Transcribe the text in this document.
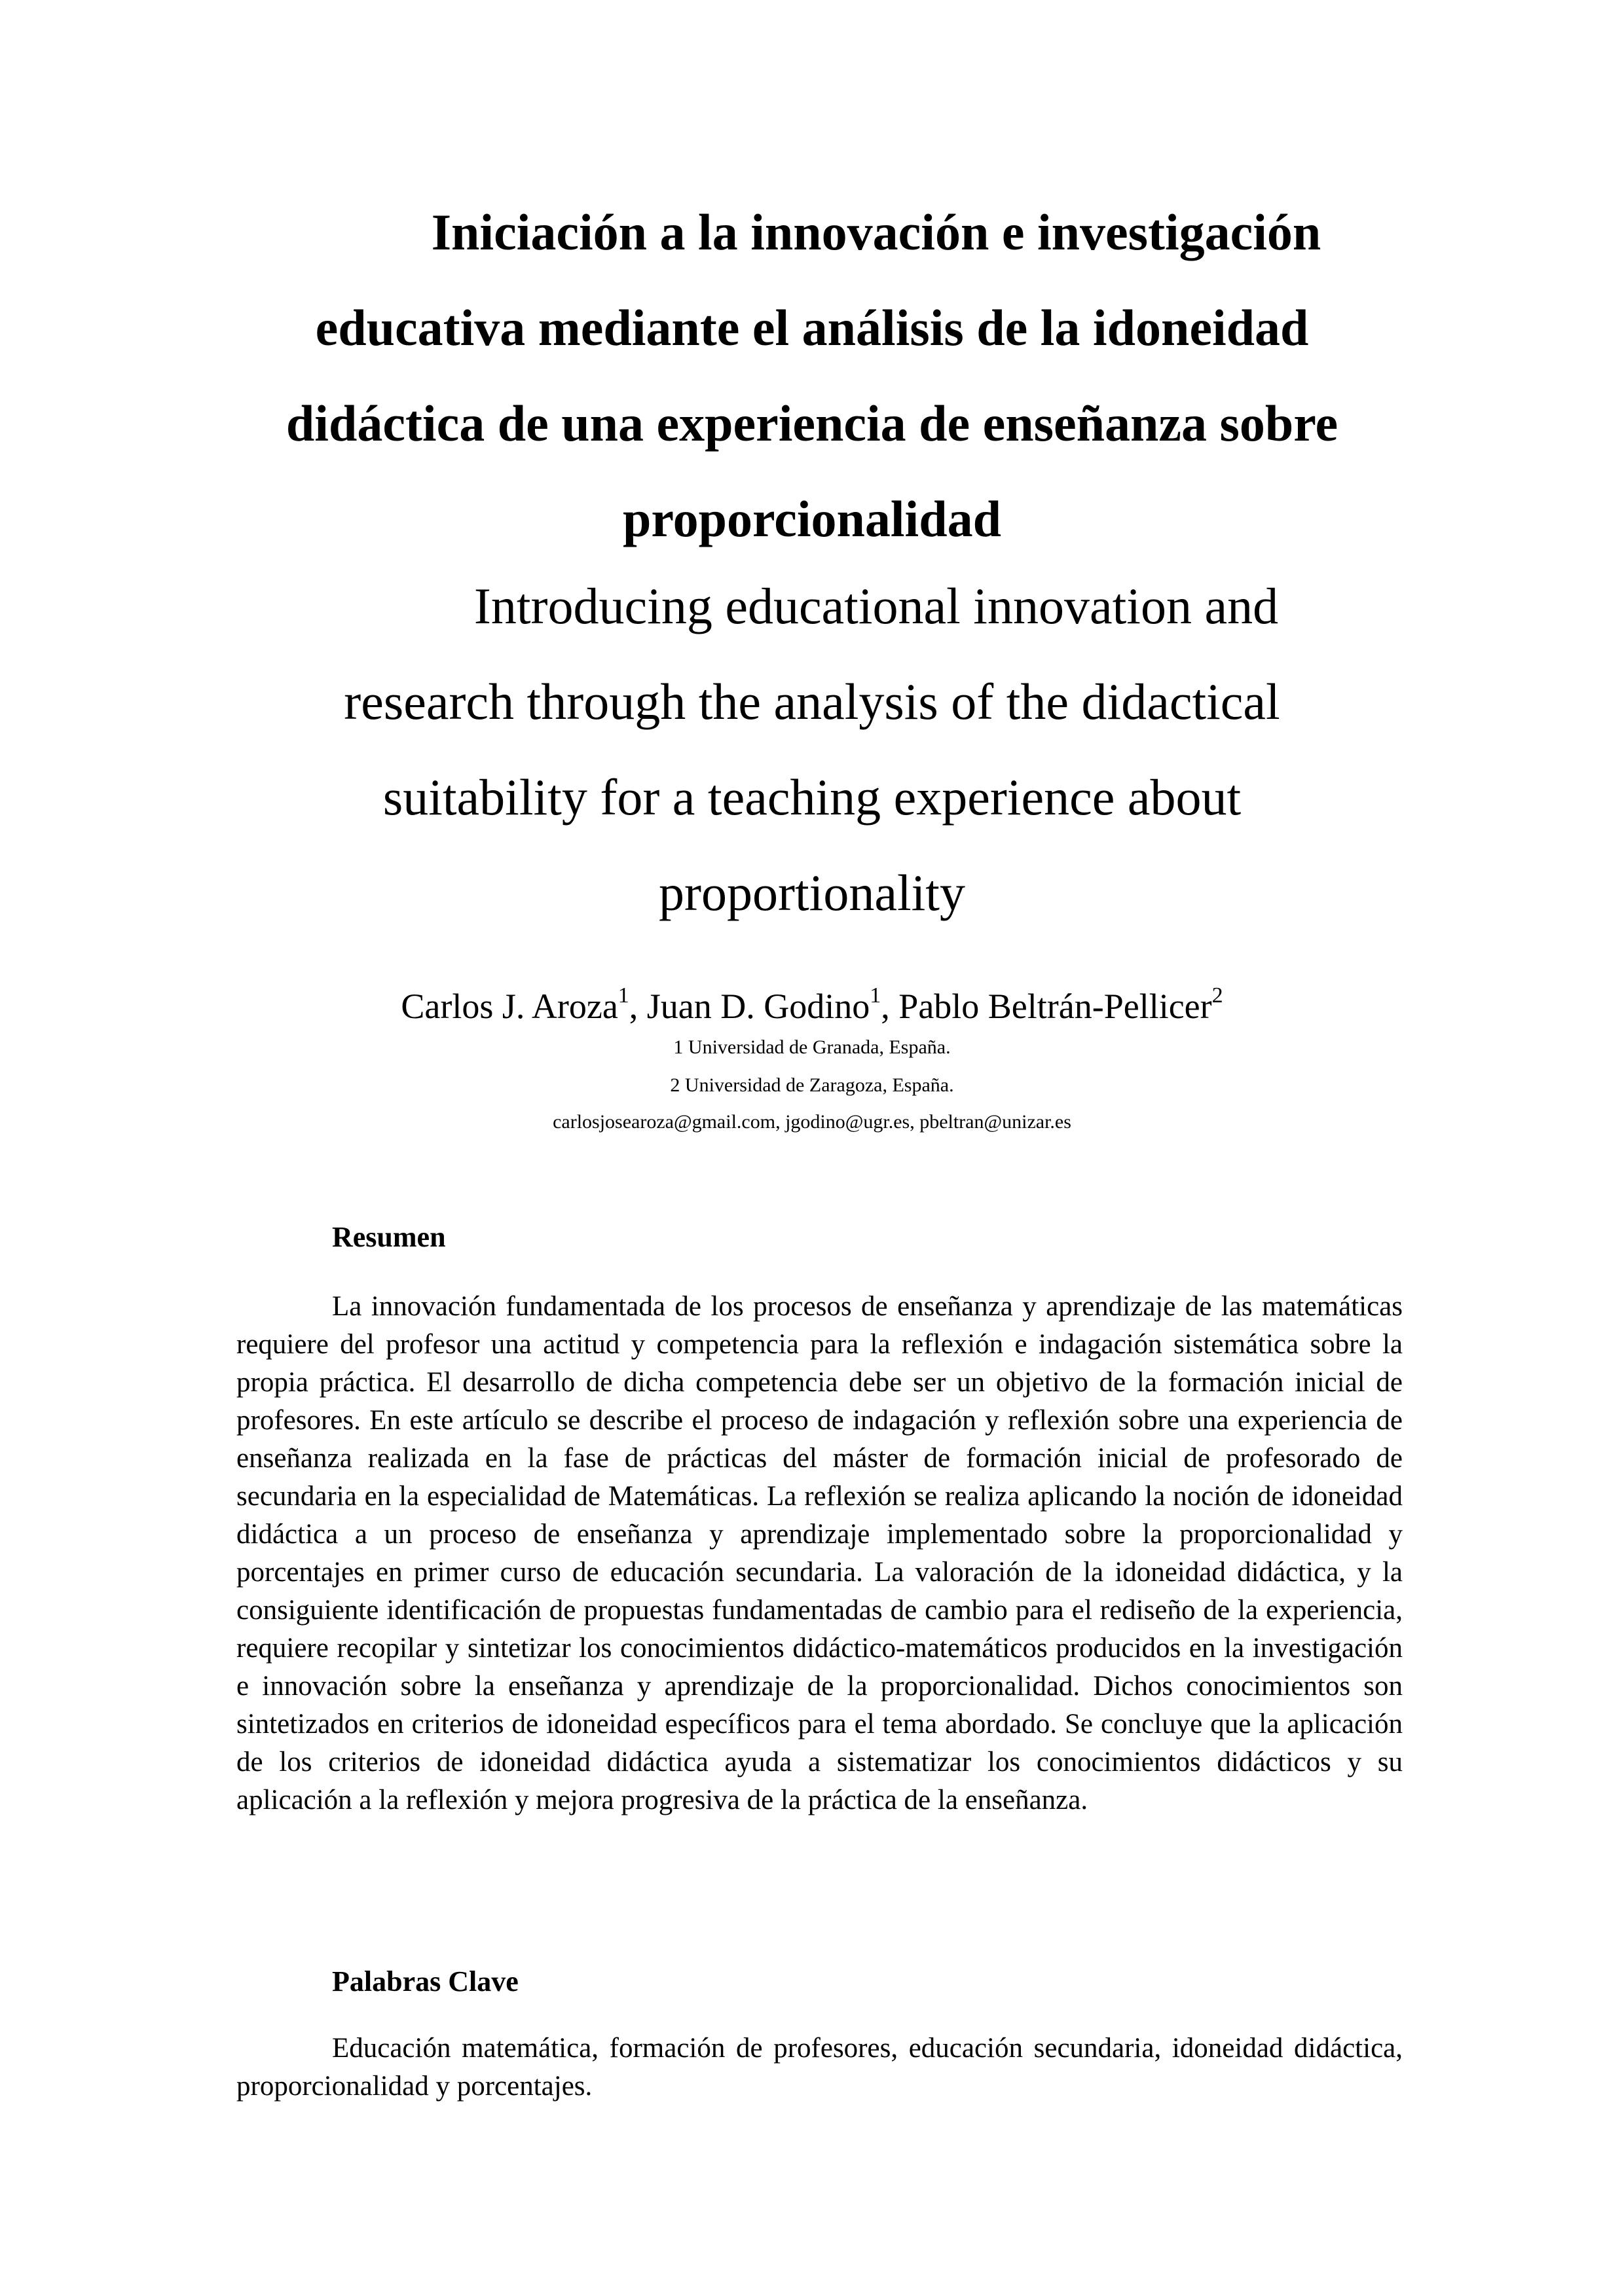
Iniciación a la innovación e investigación
educativa mediante el análisis de la idoneidad
didáctica de una experiencia de enseñanza sobre
proporcionalidad
Introducing educational innovation and
research through the analysis of the didactical
suitability for a teaching experience about
proportionality
Carlos J. Aroza$^1$, Juan D. Godino$^1$, Pablo Beltrán-Pellicer$^2$
1 Universidad de Granada, España.
2 Universidad de Zaragoza, España.
carlosjosearoza@gmail.com, jgodino@ugr.es, pbeltran@unizar.es
Resumen
La innovación fundamentada de los procesos de enseñanza y aprendizaje de las matemáticas requiere del profesor una actitud y competencia para la reflexión e indagación sistemática sobre la propia práctica. El desarrollo de dicha competencia debe ser un objetivo de la formación inicial de profesores. En este artículo se describe el proceso de indagación y reflexión sobre una experiencia de enseñanza realizada en la fase de prácticas del máster de formación inicial de profesorado de secundaria en la especialidad de Matemáticas. La reflexión se realiza aplicando la noción de idoneidad didáctica a un proceso de enseñanza y aprendizaje implementado sobre la proporcionalidad y porcentajes en primer curso de educación secundaria. La valoración de la idoneidad didáctica, y la consiguiente identificación de propuestas fundamentadas de cambio para el rediseño de la experiencia, requiere recopilar y sintetizar los conocimientos didáctico-matemáticos producidos en la investigación e innovación sobre la enseñanza y aprendizaje de la proporcionalidad. Dichos conocimientos son sintetizados en criterios de idoneidad específicos para el tema abordado. Se concluye que la aplicación de los criterios de idoneidad didáctica ayuda a sistematizar los conocimientos didácticos y su aplicación a la reflexión y mejora progresiva de la práctica de la enseñanza.
Palabras Clave
Educación matemática, formación de profesores, educación secundaria, idoneidad didáctica, proporcionalidad y porcentajes.
